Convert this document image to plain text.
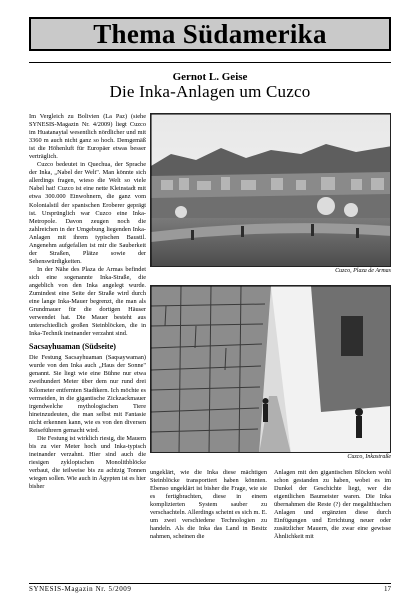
Thema Südamerika
Gernot L. Geise
Die Inka-Anlagen um Cuzco

Im Vergleich zu Bolivien (La Paz) (siehe SYNESIS-Magazin Nr. 4/2009) liegt Cuzco im Huatanaytal wesentlich nördlicher und mit 3360 m auch nicht ganz so hoch. Demgemäß ist die Höhenluft für Europäer etwas besser verträglich.

Cuzco bedeutet in Quechua, der Sprache der Inka, „Nabel der Welt". Man könnte sich allerdings fragen, wieso die Welt so viele Nabel hat! Cuzco ist eine nette Kleinstadt mit etwa 300.000 Einwohnern, die ganz vom Kolonialstil der spanischen Eroberer geprägt ist. Ursprünglich war Cuzco eine Inka-Metropole. Davon zeugen noch die zahlreichen in der Umgebung liegenden Inka-Anlagen mit ihrem typischen Baustil. Angenehm aufgefallen ist mir die Sauberkeit der Straßen, Plätze sowie der Sehenswürdigkeiten.

In der Nähe des Plaza de Armas befindet sich eine sogenannte Inka-Straße, die angeblich von den Inka angelegt wurde. Zumindest eine Seite der Straße wird durch eine lange Inka-Mauer begrenzt, die man als Grundmauer für die dortigen Häuser verwendet hat. Die Mauer besteht aus unterschiedlich großen Steinblöcken, die in Inka-Technik ineinander verzahnt sind.

Sacsayhuaman (Südseite)

Die Festung Sacsayhuaman (Saqsaywaman) wurde von den Inka auch „Haus der Sonne" genannt. Sie liegt wie eine Bühne nur etwa zweihundert Meter über dem nur rund drei Kilometer entfernten Stadtkern. Ich möchte es vermeiden, in die gigantische Zickzackmauer irgendwelche mythologischen Tiere hineinzudeuten, die man selbst mit Fantasie nicht erkennen kann, wie es von den diversen Reiseführern gemacht wird.

Die Festung ist wirklich riesig, die Mauern bis zu vier Meter hoch und Inka-typisch ineinander verzahnt. Hier sind auch die riesigen zyklopischen Monolithblöcke verbaut, die teilweise bis zu achtzig Tonnen wiegen sollen. Wie auch in Ägypten ist es hier bisher

Cuzco, Plaza de Armas
Cuzco, Inkastraße

ungeklärt, wie die Inka diese mächtigen Steinblöcke transportiert haben könnten. Ebenso ungeklärt ist bisher die Frage, wie sie es fertigbrachten, diese in einem komplizierten System sauber zu verschachteln. Allerdings scheint es sich m. E. um zwei verschiedene Technologien zu handeln. Als die Inka das Land in Besitz nahmen, scheinen die

Anlagen mit den gigantischen Blöcken wohl schon gestanden zu haben, wobei es im Dunkel der Geschichte liegt, wer die eigentlichen Baumeister waren. Die Inka übernahmen die Reste (?) der megalithischen Anlagen und ergänzten diese durch Einfügungen und Errichtung neuer oder zusätzlicher Mauern, die zwar eine gewisse Ähnlichkeit mit

SYNESIS-Magazin Nr. 5/2009	17
